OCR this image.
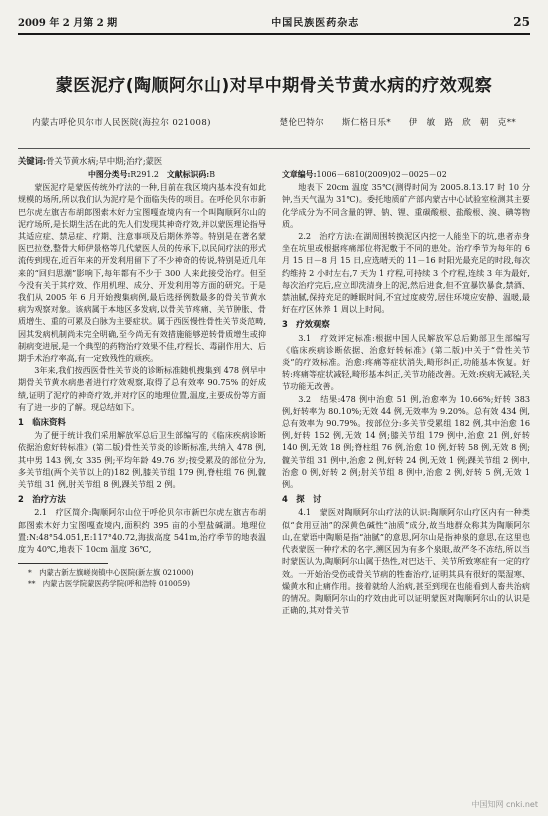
2009 年 2 月第 2 期	中国民族医药杂志	25
蒙医泥疗(陶顺阿尔山)对早中期骨关节黄水病的疗效观察
内蒙古呼伦贝尔市人民医院(海拉尔 021008)	楚伦巴特尔　　斯仁格日乐*　　伊　敏　路　欣　朝　克**
关键词:骨关节黄水病;早中期;治疗;蒙医
中图分类号:R291.2　 文献标识码:B

蒙医泥疗是蒙医传统外疗法的一种,目前在我区境内基本没有如此规模的场所,所以我们认为泥疗是个面临失传的项目。在呼伦贝尔市新巴尔虎左旗吉布胡郎图索木好力宝图嘎查境内有一个叫陶顺阿尔山的泥疗场所,是长期生活在此的先人们发现其神奇疗效,并以蒙医理论指导其适应症、禁忌症、疗期、注意事项及后期休养等。特别是在著名蒙医巴拉登,整骨大师伊景格等几代蒙医人员的传承下,以民间疗法的形式流传到现在,近百年来的开发利用留下了不少神奇的传说,特别是近几年来的“回归思潮”影响下,每年都有不少于 300 人来此接受治疗。但至今没有关于其疗效、作用机理、成分、开发利用等方面的研究。于是我们从 2005 年 6 月开始搜集病例,最后选择例数最多的骨关节黄水病为观察对象。该病属于本地区多发病,以骨关节疼痛、关节肿胀、骨质增生、重的可累及白脉为主要症状。属于西医慢性骨性关节炎范畴,因其发病机制尚未完全明确,至今尚无有效措施能够逆转骨质增生或抑制病变进展,是一个典型的药物治疗效果不佳,疗程长、毒副作用大、后期手术治疗率高,有一定致残性的顽疾。

3年来,我们按西医骨性关节炎的诊断标准随机搜集到 478 例早中期骨关节黄水病患者进行疗效观察,取得了总有效率 90.75% 的好成绩,证明了泥疗的神奇疗效,并对疗区的地理位置,温度,主要成份等方面有了进一步的了解。现总结如下。

1　临床资料

为了便于统计我们采用解放军总后卫生部编写的《临床疾病诊断依据治愈好转标准》(第二版)骨性关节炎的诊断标准,共纳入 478 例,其中男 143 例,女 335 例;平均年龄 49.76 岁;按受累及的部位分为,多关节组(两个关节以上的)182 例,膝关节组 179 例,脊柱组 76 例,髋关节组 31 例,肘关节组 8 例,踝关节组 2 例。

2　治疗方法

2.1　疗区简介:陶顺阿尔山位于呼伦贝尔市新巴尔虎左旗吉布胡郎图索木好力宝图嘎查境内,面积约 395 亩的小型盐碱湖。地理位置:N:48°54.051,E:117°40.72,海拔高度 541m,治疗季节的地表温度为 40℃,地表下 10cm 温度 36℃,

*　内蒙古新左旗嵯岗镇中心医院(新左旗 021000)

**　内蒙古医学院蒙医药学院(呼和浩特 010059)

文章编号:1006－6810(2009)02－0025－02

地表下 20cm 温度 35℃(测得时间为 2005.8.13.17 时 10 分钟,当天气温为 31℃)。委托地质矿产部内蒙古中心试验室检测其主要化学成分为不同含量的钾、钠、锂、重碳酸根、盐酸根、溴、碘等物质。

2.2　治疗方法:在湖周围转换泥区内挖一人能坐下的坑,患者赤身坐在坑里或根据疼痛部位将泥敷于不同的患处。治疗季节为每年的 6 月 15 日－8 月 15 日,应选晴天的 11－16 时阳光最充足的时段,每次约维持 2 小时左右,7 天为 1 疗程,可持续 3 个疗程,连续 3 年为最好,每次治疗完后,应立即洗清身上的泥,然后进食,但不宜暴饮暴食,禁酒、禁油腻,保持充足的睡眠时间,不宜过度疲劳,居住环境应安静、温暖,最好在疗区休养 1 周以上时间。

3　疗效观察

3.1　疗效评定标准:根据中国人民解放军总后勤部卫生部编写《临床疾病诊断依据、治愈好转标准》(第二版)中关于“骨性关节炎”的疗效标准。治愈:疼痛等症状消失,畸形纠正,功能基本恢复。好转:疼痛等症状减轻,畸形基本纠正,关节功能改善。无效:疾病无减轻,关节功能无改善。

3.2　结果:478 例中治愈 51 例,治愈率为 10.66%;好转 383 例,好转率为 80.10%;无效 44 例,无效率为 9.20%。总有效 434 例,总有效率为 90.79%。按部位分:多关节受累组 182 例,其中治愈 16 例,好转 152 例,无效 14 例;膝关节组 179 例中,治愈 21 例,好转 140 例,无效 18 例;脊柱组 76 例,治愈 10 例,好转 58 例,无效 8 例;髋关节组 31 例中,治愈 2 例,好转 24 例,无效 1 例;踝关节组 2 例中,治愈 0 例,好转 2 例;肘关节组 8 例中,治愈 2 例,好转 5 例,无效 1 例。

4　探　讨

4.1　蒙医对陶顺阿尔山疗法的认识:陶顺阿尔山疗区内有一种类似“食用豆油”的深黄色碱性“油质”成分,故当地群众称其为陶顺阿尔山,在蒙语中陶顺是指“油腻”的意思,阿尔山是指神泉的意思,在这里也代表蒙医一种疗术的名字,溯区因为有多个泉眼,故严冬不冻结,所以当时蒙医认为,陶顺阿尔山属于热性,对巴达干、关节所致寒症有一定的疗效。一开始治受伤或骨关节病的牲畜治疗,证明其具有很好的渠湿寒、燥黄水和止痛作用。接着就给人治病,甚至到现在也能看到人畜共治病的情况。陶顺阿尔山的疗效由此可以证明蒙医对陶顺阿尔山的认识是正确的,其对骨关节

中国知网 cnki.net
